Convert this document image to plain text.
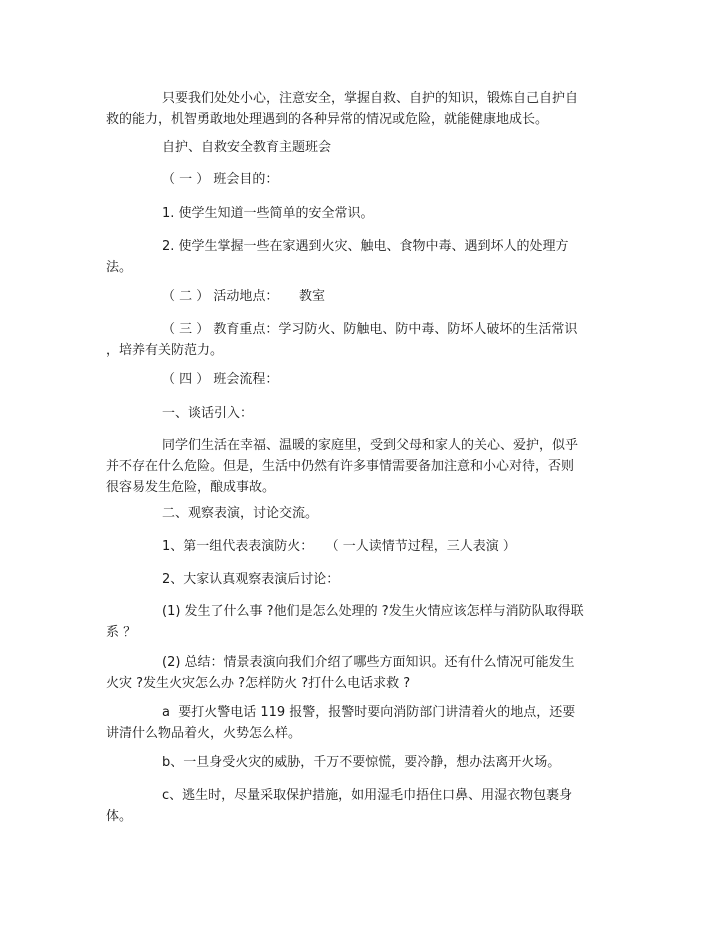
只要我们处处小心，注意安全，掌握自救、自护的知识，锻炼自己自护自
救的能力，机智勇敢地处理遇到的各种异常的情况或危险，就能健康地成长。
自护、自救安全教育主题班会
（ 一 ） 班会目的：
1. 使学生知道一些简单的安全常识。
2. 使学生掌握一些在家遇到火灾、触电、食物中毒、遇到坏人的处理方
法。
（ 二 ） 活动地点：     教室
（ 三 ） 教育重点：学习防火、防触电、防中毒、防坏人破坏的生活常识
，培养有关防范力。
（ 四 ） 班会流程：
一、谈话引入：
同学们生活在幸福、温暖的家庭里，受到父母和家人的关心、爱护，似乎
并不存在什么危险。但是，生活中仍然有许多事情需要备加注意和小心对待，否则
很容易发生危险，酿成事故。
二、观察表演，讨论交流。
1、第一组代表表演防火：   （ 一人读情节过程，三人表演 ）
2、大家认真观察表演后讨论：
(1) 发生了什么事 ?他们是怎么处理的 ?发生火情应该怎样与消防队取得联
系 ？
(2) 总结：情景表演向我们介绍了哪些方面知识。还有什么情况可能发生
火灾 ?发生火灾怎么办 ?怎样防火 ?打什么电话求救 ?
a  要打火警电话 119 报警，报警时要向消防部门讲清着火的地点，还要
讲清什么物品着火，火势怎么样。
b、一旦身受火灾的威胁，千万不要惊慌，要冷静，想办法离开火场。
c、逃生时，尽量采取保护措施，如用湿毛巾捂住口鼻、用湿衣物包裹身
体。
